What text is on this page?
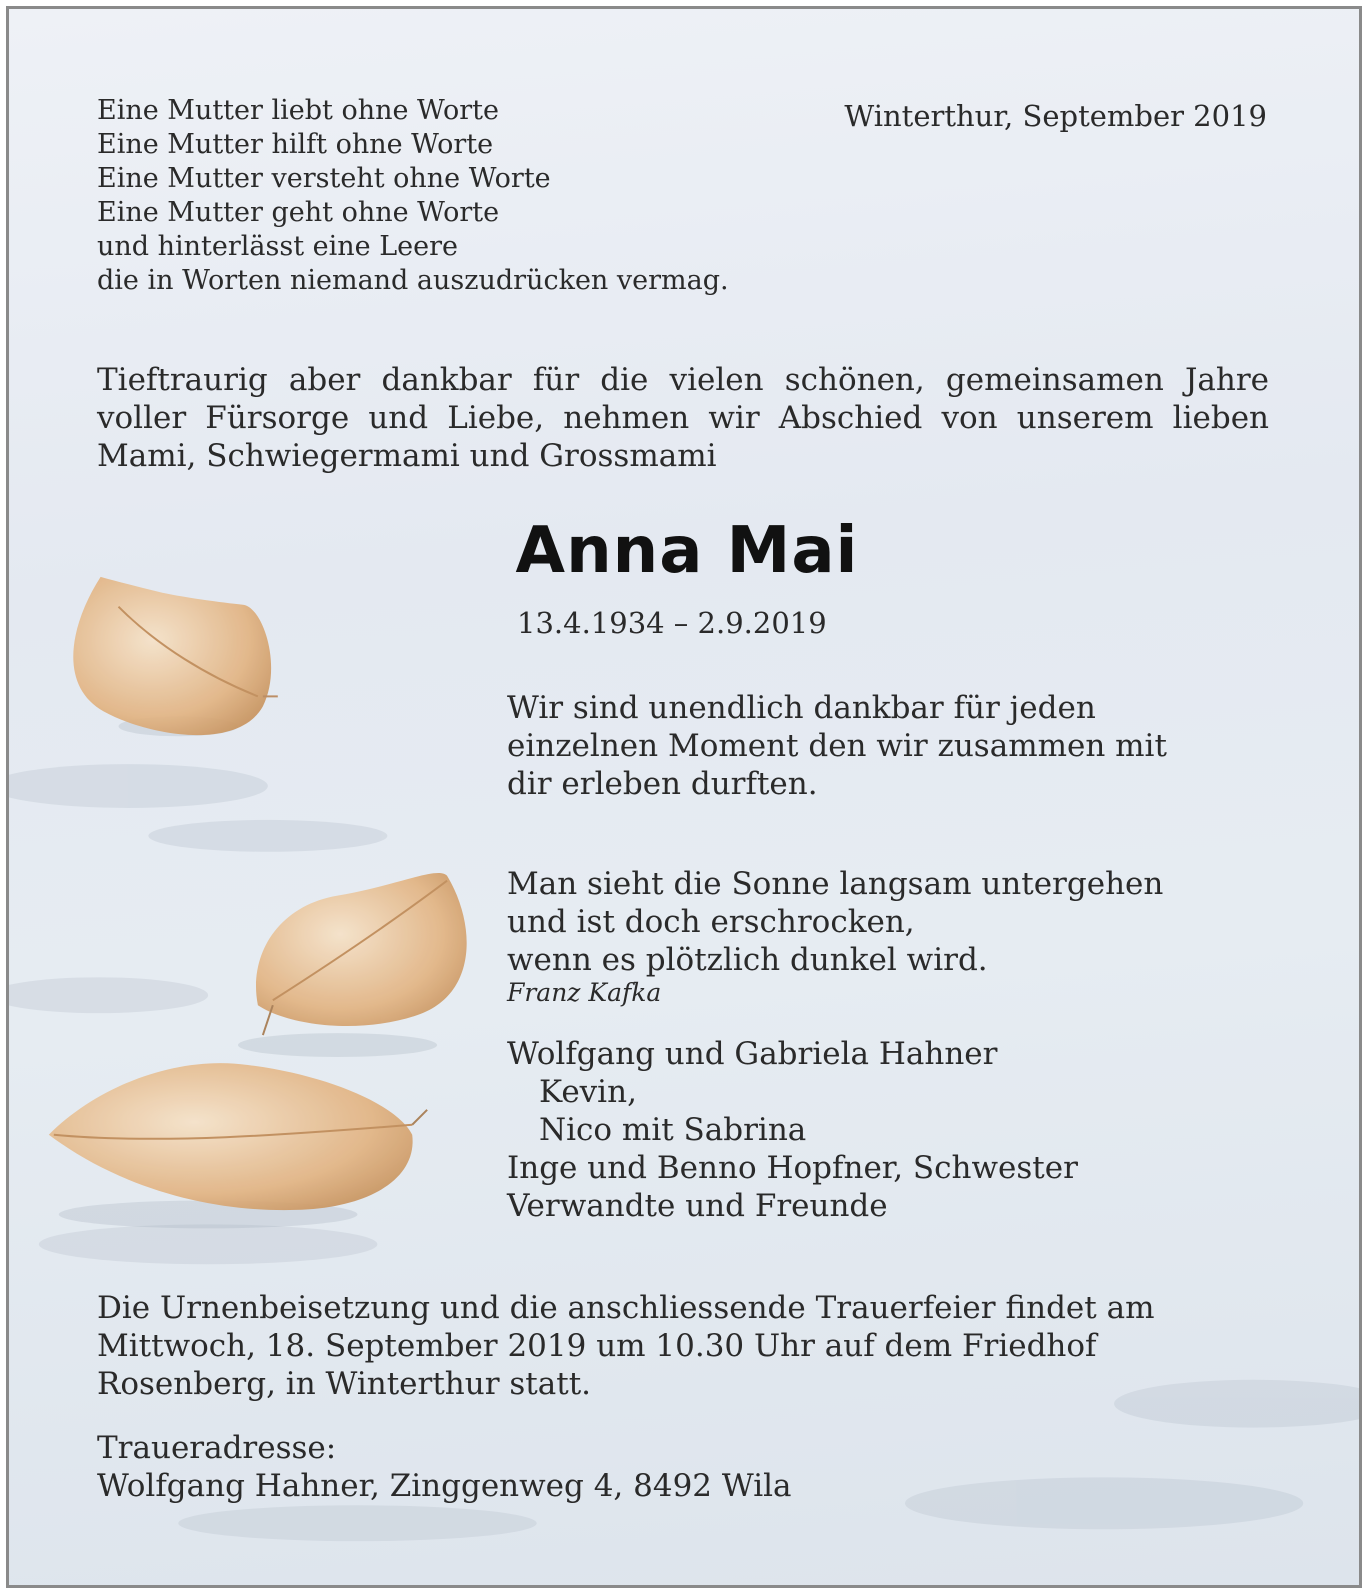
Eine Mutter liebt ohne Worte
Eine Mutter hilft ohne Worte
Eine Mutter versteht ohne Worte
Eine Mutter geht ohne Worte
und hinterlässt eine Leere
die in Worten niemand auszudrücken vermag.
Winterthur, September 2019
Tieftraurig aber dankbar für die vielen schönen, gemeinsamen Jahre voller Fürsorge und Liebe, nehmen wir Abschied von unserem lieben Mami, Schwiegermami und Grossmami
Anna Mai
13.4.1934 – 2.9.2019
Wir sind unendlich dankbar für jeden
einzelnen Moment den wir zusammen mit
dir erleben durften.
Man sieht die Sonne langsam untergehen
und ist doch erschrocken,
wenn es plötzlich dunkel wird.
Franz Kafka
Wolfgang und Gabriela Hahner
Kevin,
Nico mit Sabrina
Inge und Benno Hopfner, Schwester
Verwandte und Freunde
Die Urnenbeisetzung und die anschliessende Trauerfeier findet am Mittwoch, 18. September 2019 um 10.30 Uhr auf dem Friedhof Rosenberg, in Winterthur statt.
Traueradresse:
Wolfgang Hahner, Zinggenweg 4, 8492 Wila
